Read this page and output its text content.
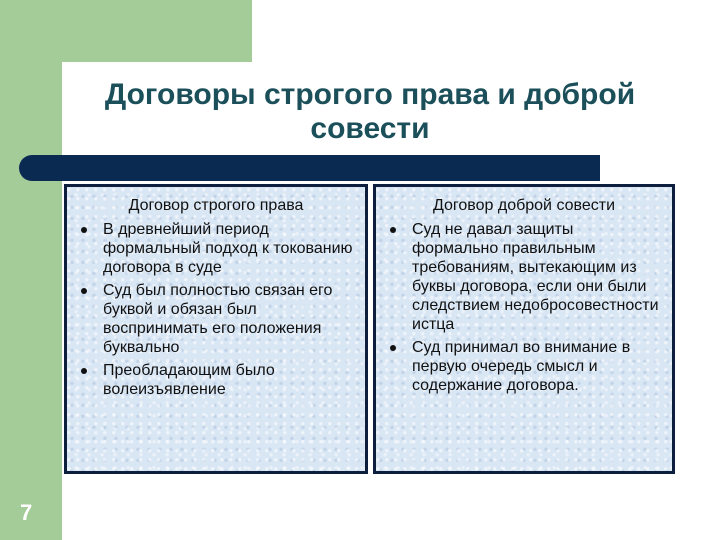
7
Договоры строгого права и доброй совести
Договор строгого права
В древнейший период формальный подход к токованию договора в суде
Суд был полностью связан его буквой и обязан был воспринимать его положения буквально
Преобладающим было волеизъявление
Договор доброй совести
Суд не давал защиты формально правильным требованиям, вытекающим из буквы договора, если они были следствием недобросовестности истца
Суд принимал во внимание в первую очередь смысл и содержание договора.
